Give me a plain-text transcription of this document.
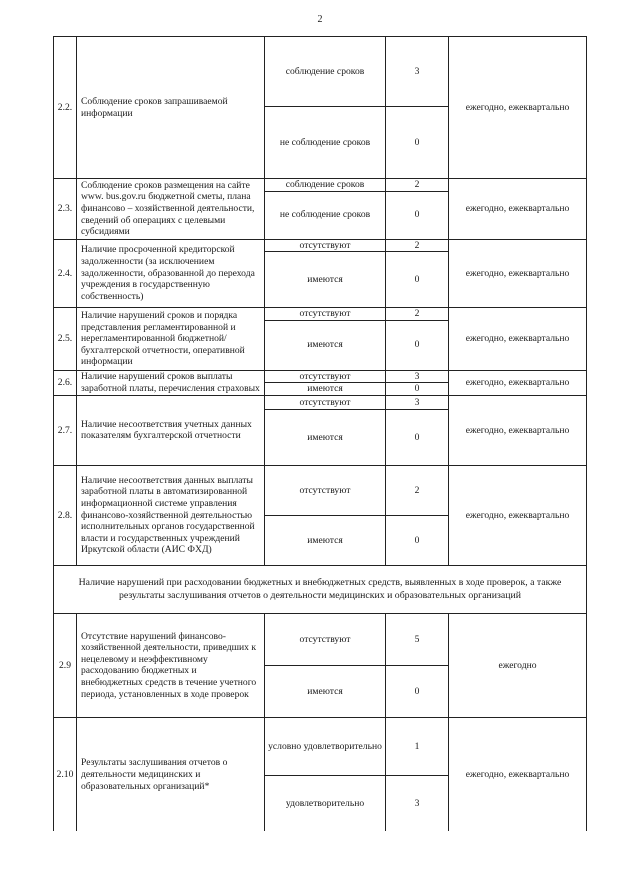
2
2.2.	Соблюдение сроков запрашиваемой информации	соблюдение сроков	3	ежегодно, ежеквартально
		не соблюдение сроков	0	
2.3.	Соблюдение сроков размещения на сайте www. bus.gov.ru бюджетной сметы, плана финансово – хозяйственной деятельности, сведений об операциях с целевыми субсидиями	соблюдение сроков	2	ежегодно, ежеквартально
		не соблюдение сроков	0	
2.4.	Наличие просроченной кредиторской задолженности (за исключением задолженности, образованной до перехода учреждения в государственную собственность)	отсутствуют	2	ежегодно, ежеквартально
		имеются	0	
2.5.	Наличие нарушений сроков и порядка представления регламентированной и нерегламентированной бюджетной/бухгалтерской отчетности, оперативной информации	отсутствуют	2	ежегодно, ежеквартально
		имеются	0	
2.6.	Наличие нарушений сроков выплаты заработной платы, перечисления страховых	отсутствуют	3	ежегодно, ежеквартально
		имеются	0	
2.7.	Наличие несоответствия учетных данных показателям бухгалтерской отчетности	отсутствуют	3	ежегодно, ежеквартально
		имеются	0	
2.8.	Наличие несоответствия данных выплаты заработной платы в автоматизированной информационной системе управления финансово-хозяйственной деятельностью исполнительных органов государственной власти и государственных учреждений Иркутской области (АИС ФХД)	отсутствуют	2	ежегодно, ежеквартально
		имеются	0	
Наличие нарушений при расходовании бюджетных и внебюджетных средств, выявленных в ходе проверок, а также результаты заслушивания отчетов о деятельности медицинских и образовательных организаций				
2.9	Отсутствие нарушений финансово-хозяйственной деятельности, приведших к нецелевому и неэффективному расходованию бюджетных и внебюджетных средств в течение учетного периода, установленных в ходе проверок	отсутствуют	5	ежегодно
		имеются	0	
2.10	Результаты заслушивания отчетов о деятельности медицинских и образовательных организаций*	условно удовлетворительно	1	ежегодно, ежеквартально
		удовлетворительно	3	
